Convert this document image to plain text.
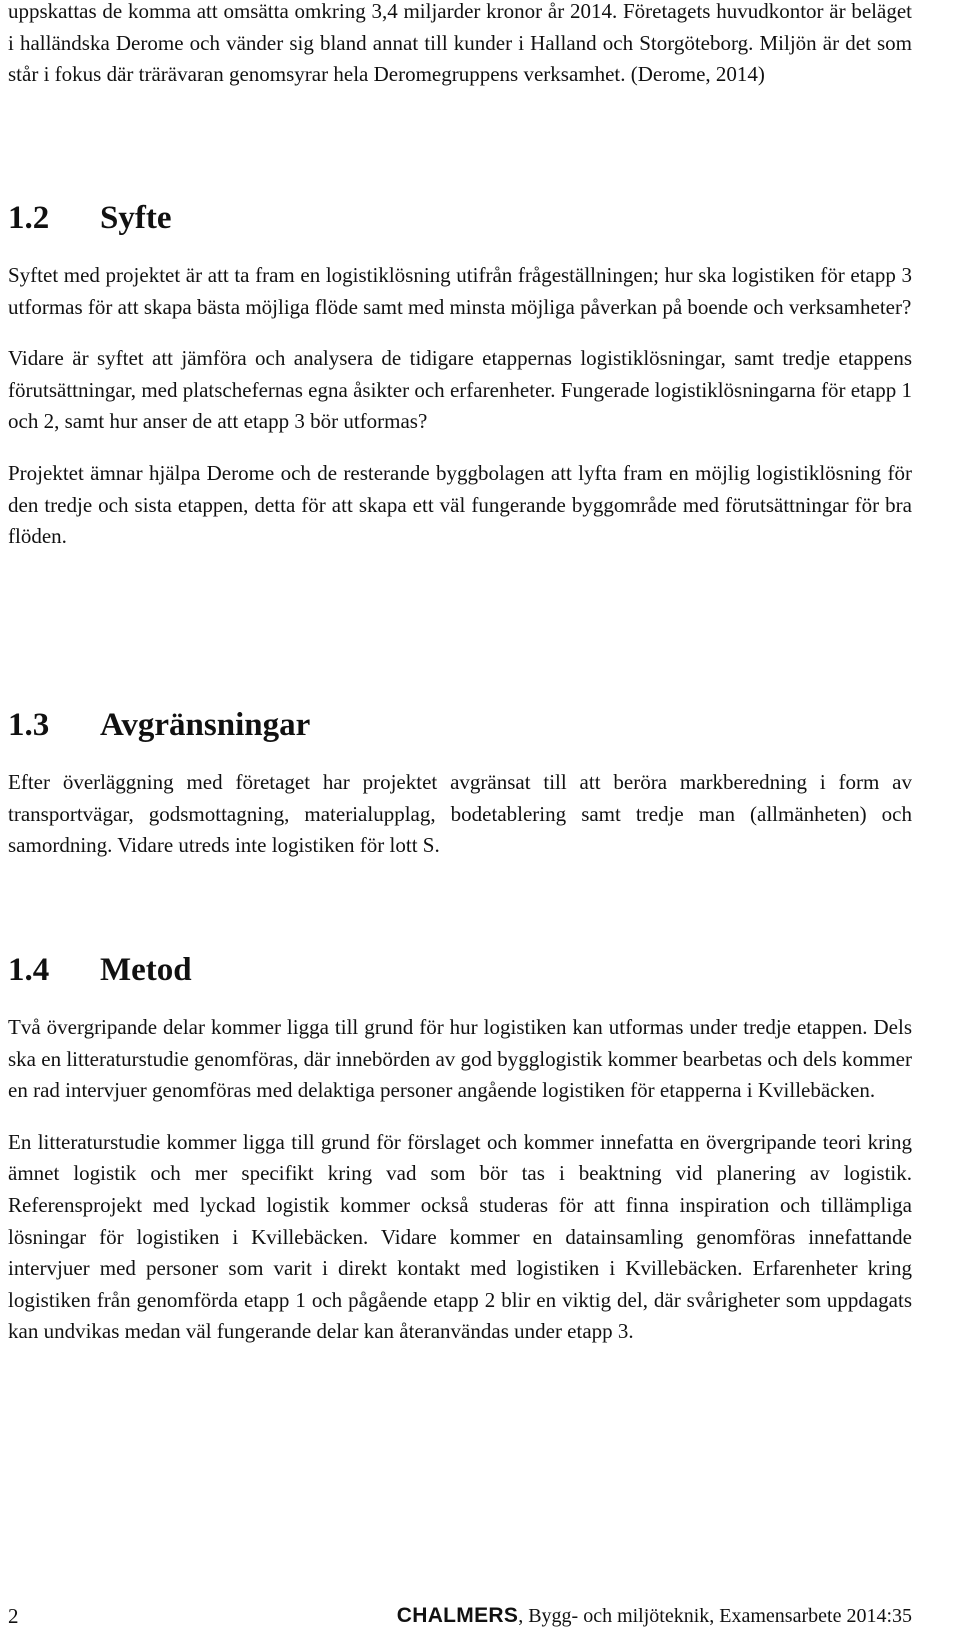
uppskattas de komma att omsätta omkring 3,4 miljarder kronor år 2014. Företagets huvudkontor är beläget i halländska Derome och vänder sig bland annat till kunder i Halland och Storgöteborg. Miljön är det som står i fokus där trärävaran genomsyrar hela Deromegruppens verksamhet. (Derome, 2014)

1.2 Syfte

Syftet med projektet är att ta fram en logistiklösning utifrån frågeställningen; hur ska logistiken för etapp 3 utformas för att skapa bästa möjliga flöde samt med minsta möjliga påverkan på boende och verksamheter?

Vidare är syftet att jämföra och analysera de tidigare etappernas logistiklösningar, samt tredje etappens förutsättningar, med platschefernas egna åsikter och erfarenheter. Fungerade logistiklösningarna för etapp 1 och 2, samt hur anser de att etapp 3 bör utformas?

Projektet ämnar hjälpa Derome och de resterande byggbolagen att lyfta fram en möjlig logistiklösning för den tredje och sista etappen, detta för att skapa ett väl fungerande byggområde med förutsättningar för bra flöden.

1.3 Avgränsningar

Efter överläggning med företaget har projektet avgränsat till att beröra markberedning i form av transportvägar, godsmottagning, materialupplag, bodetablering samt tredje man (allmänheten) och samordning. Vidare utreds inte logistiken för lott S.

1.4 Metod

Två övergripande delar kommer ligga till grund för hur logistiken kan utformas under tredje etappen. Dels ska en litteraturstudie genomföras, där innebörden av god bygglogistik kommer bearbetas och dels kommer en rad intervjuer genomföras med delaktiga personer angående logistiken för etapperna i Kvillebäcken.

En litteraturstudie kommer ligga till grund för förslaget och kommer innefatta en övergripande teori kring ämnet logistik och mer specifikt kring vad som bör tas i beaktning vid planering av logistik. Referensprojekt med lyckad logistik kommer också studeras för att finna inspiration och tillämpliga lösningar för logistiken i Kvillebäcken. Vidare kommer en datainsamling genomföras innefattande intervjuer med personer som varit i direkt kontakt med logistiken i Kvillebäcken. Erfarenheter kring logistiken från genomförda etapp 1 och pågående etapp 2 blir en viktig del, där svårigheter som uppdagats kan undvikas medan väl fungerande delar kan återanvändas under etapp 3.

2	CHALMERS, Bygg- och miljöteknik, Examensarbete 2014:35
